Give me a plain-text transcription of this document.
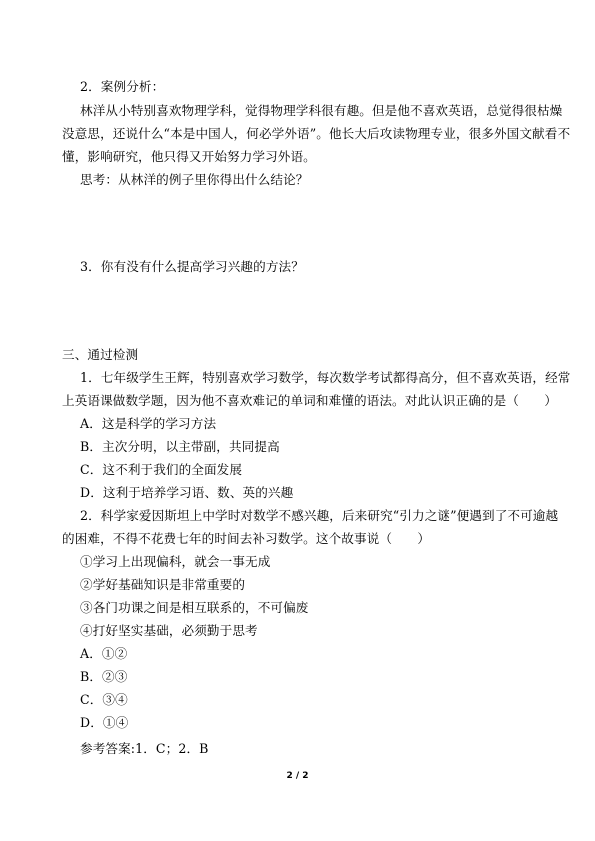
2．案例分析：
林洋从小特别喜欢物理学科，觉得物理学科很有趣。但是他不喜欢英语，总觉得很枯燥
没意思，还说什么“本是中国人，何必学外语”。他长大后攻读物理专业，很多外国文献看不
懂，影响研究，他只得又开始努力学习外语。
思考：从林洋的例子里你得出什么结论？
3．你有没有什么提高学习兴趣的方法？
三、通过检测
1．七年级学生王辉，特别喜欢学习数学，每次数学考试都得高分，但不喜欢英语，经常
上英语课做数学题，因为他不喜欢难记的单词和难懂的语法。对此认识正确的是（　　）
A．这是科学的学习方法
B．主次分明，以主带副，共同提高
C．这不利于我们的全面发展
D．这利于培养学习语、数、英的兴趣
2．科学家爱因斯坦上中学时对数学不感兴趣，后来研究“引力之谜”便遇到了不可逾越
的困难，不得不花费七年的时间去补习数学。这个故事说（　　）
①学习上出现偏科，就会一事无成
②学好基础知识是非常重要的
③各门功课之间是相互联系的，不可偏废
④打好坚实基础，必须勤于思考
A．①②
B．②③
C．③④
D．①④
参考答案:1．C；2．B
2 / 2
